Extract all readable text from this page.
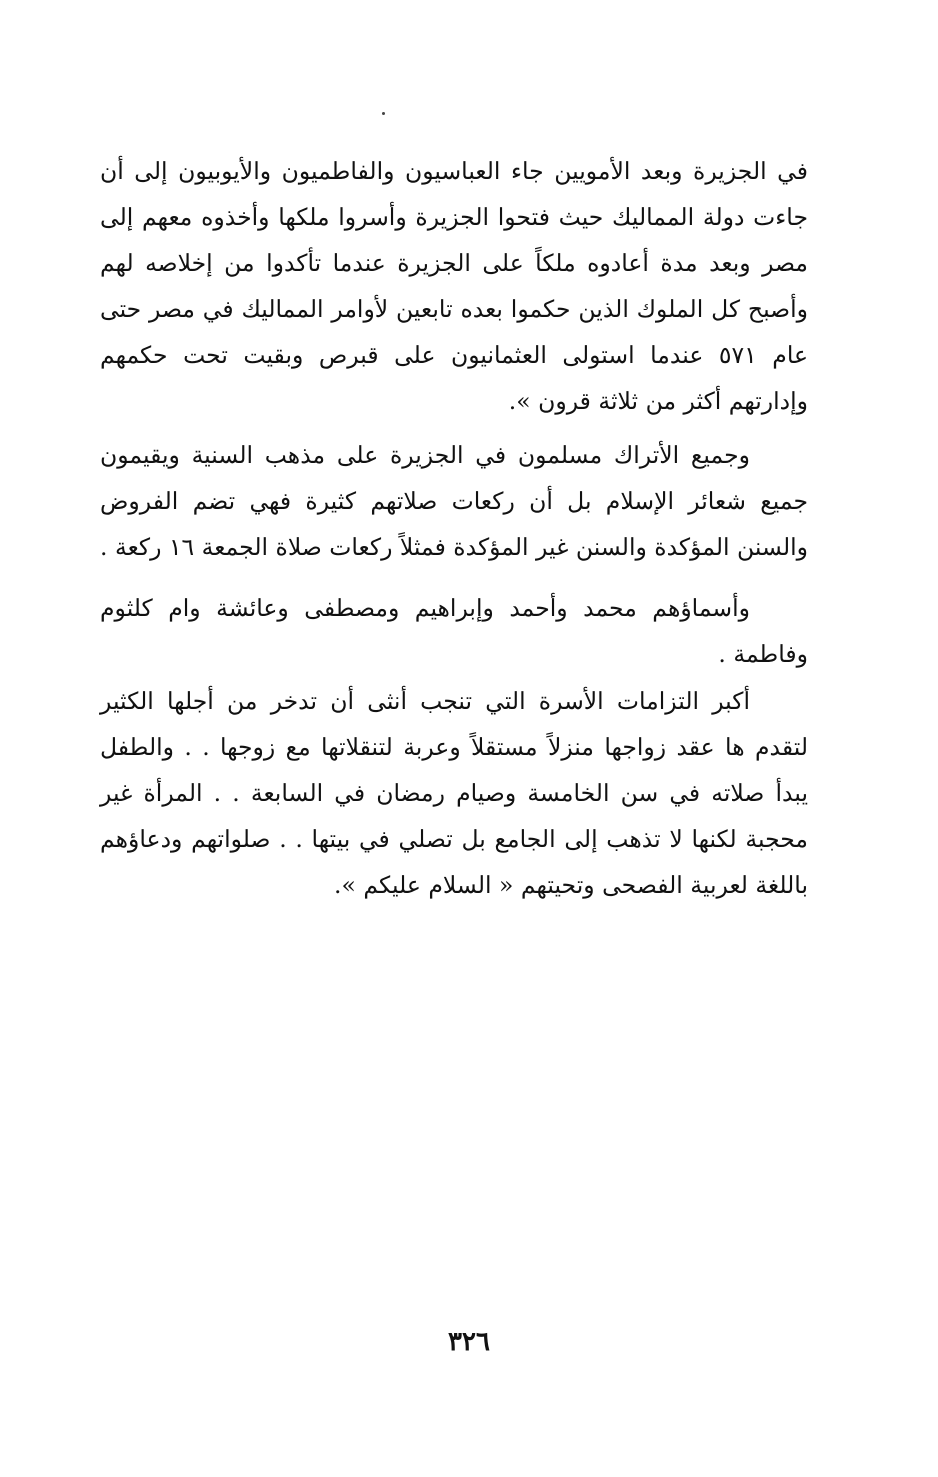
في الجزيرة وبعد الأمويين جاء العباسيون والفاطميون والأيوبيون إلى أن جاءت دولة المماليك حيث فتحوا الجزيرة وأسروا ملكها وأخذوه معهم إلى مصر وبعد مدة أعادوه ملكاً على الجزيرة عندما تأكدوا من إخلاصه لهم وأصبح كل الملوك الذين حكموا بعده تابعين لأوامر المماليك في مصر حتى عام ٥٧١ عندما استولى العثمانيون على قبرص وبقيت تحت حكمهم وإدارتهم أكثر من ثلاثة قرون ».

وجميع الأتراك مسلمون في الجزيرة على مذهب السنية ويقيمون جميع شعائر الإسلام بل أن ركعات صلاتهم كثيرة فهي تضم الفروض والسنن المؤكدة والسنن غير المؤكدة فمثلاً ركعات صلاة الجمعة ١٦ ركعة .

وأسماؤهم محمد وأحمد وإبراهيم ومصطفى وعائشة وام كلثوم وفاطمة .

أكبر التزامات الأسرة التي تنجب أنثى أن تدخر من أجلها الكثير لتقدم ها عقد زواجها منزلاً مستقلاً وعربة لتنقلاتها مع زوجها . . والطفل يبدأ صلاته في سن الخامسة وصيام رمضان في السابعة . . المرأة غير محجبة لكنها لا تذهب إلى الجامع بل تصلي في بيتها . . صلواتهم ودعاؤهم باللغة لعربية الفصحى وتحيتهم « السلام عليكم ».

٣٢٦
